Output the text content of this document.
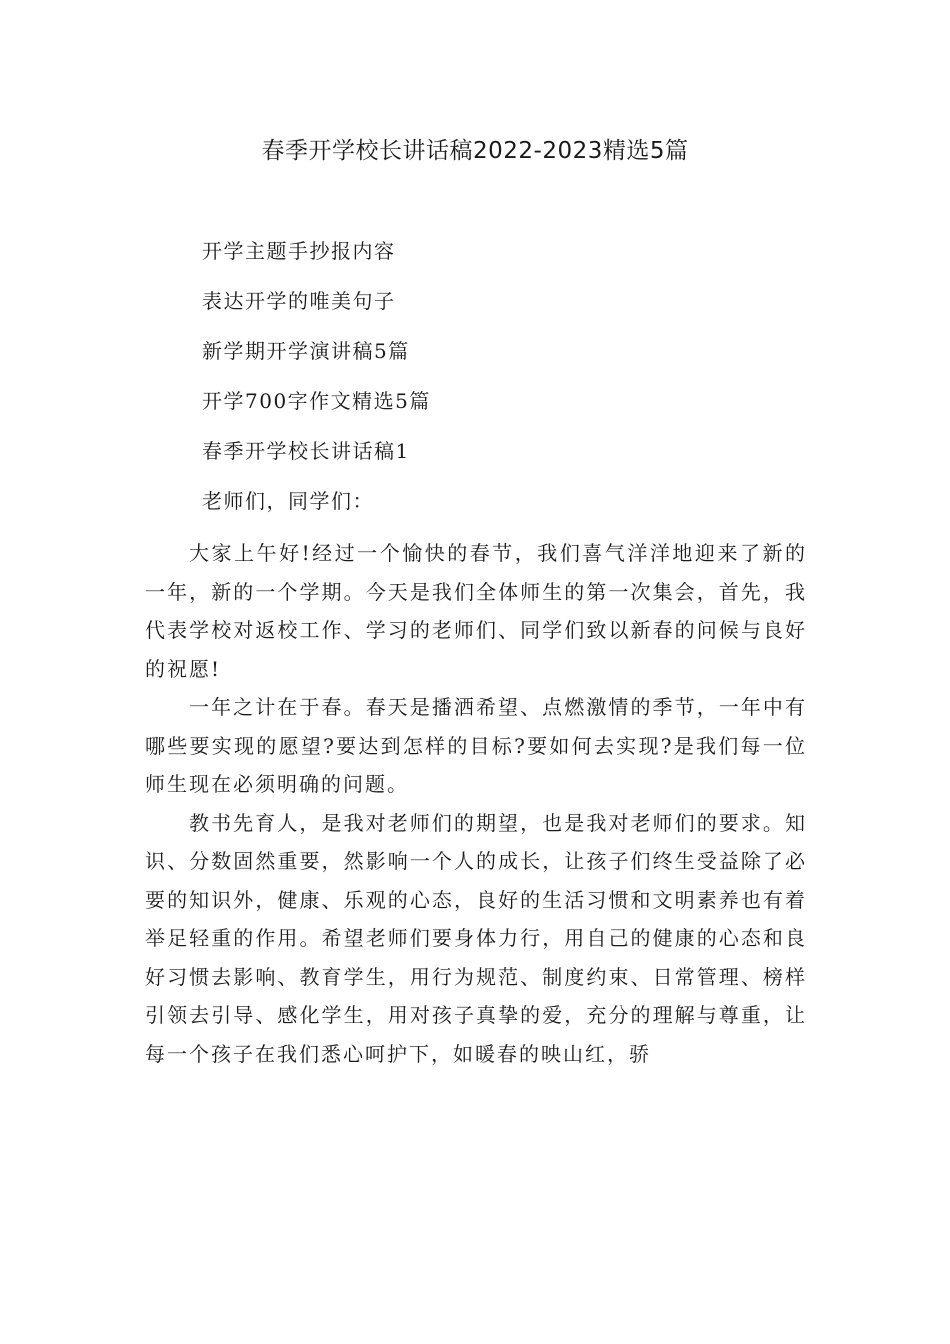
春季开学校长讲话稿2022-2023精选5篇
开学主题手抄报内容
表达开学的唯美句子
新学期开学演讲稿5篇
开学700字作文精选5篇
春季开学校长讲话稿1
老师们，同学们：

大家上午好!经过一个愉快的春节，我们喜气洋洋地迎来了新的一年，新的一个学期。今天是我们全体师生的第一次集会，首先，我代表学校对返校工作、学习的老师们、同学们致以新春的问候与良好的祝愿!

一年之计在于春。春天是播洒希望、点燃激情的季节，一年中有哪些要实现的愿望?要达到怎样的目标?要如何去实现?是我们每一位师生现在必须明确的问题。

教书先育人，是我对老师们的期望，也是我对老师们的要求。知识、分数固然重要，然影响一个人的成长，让孩子们终生受益除了必要的知识外，健康、乐观的心态，良好的生活习惯和文明素养也有着举足轻重的作用。希望老师们要身体力行，用自己的健康的心态和良好习惯去影响、教育学生，用行为规范、制度约束、日常管理、榜样引领去引导、感化学生，用对孩子真挚的爱，充分的理解与尊重，让每一个孩子在我们悉心呵护下，如暖春的映山红，骄
